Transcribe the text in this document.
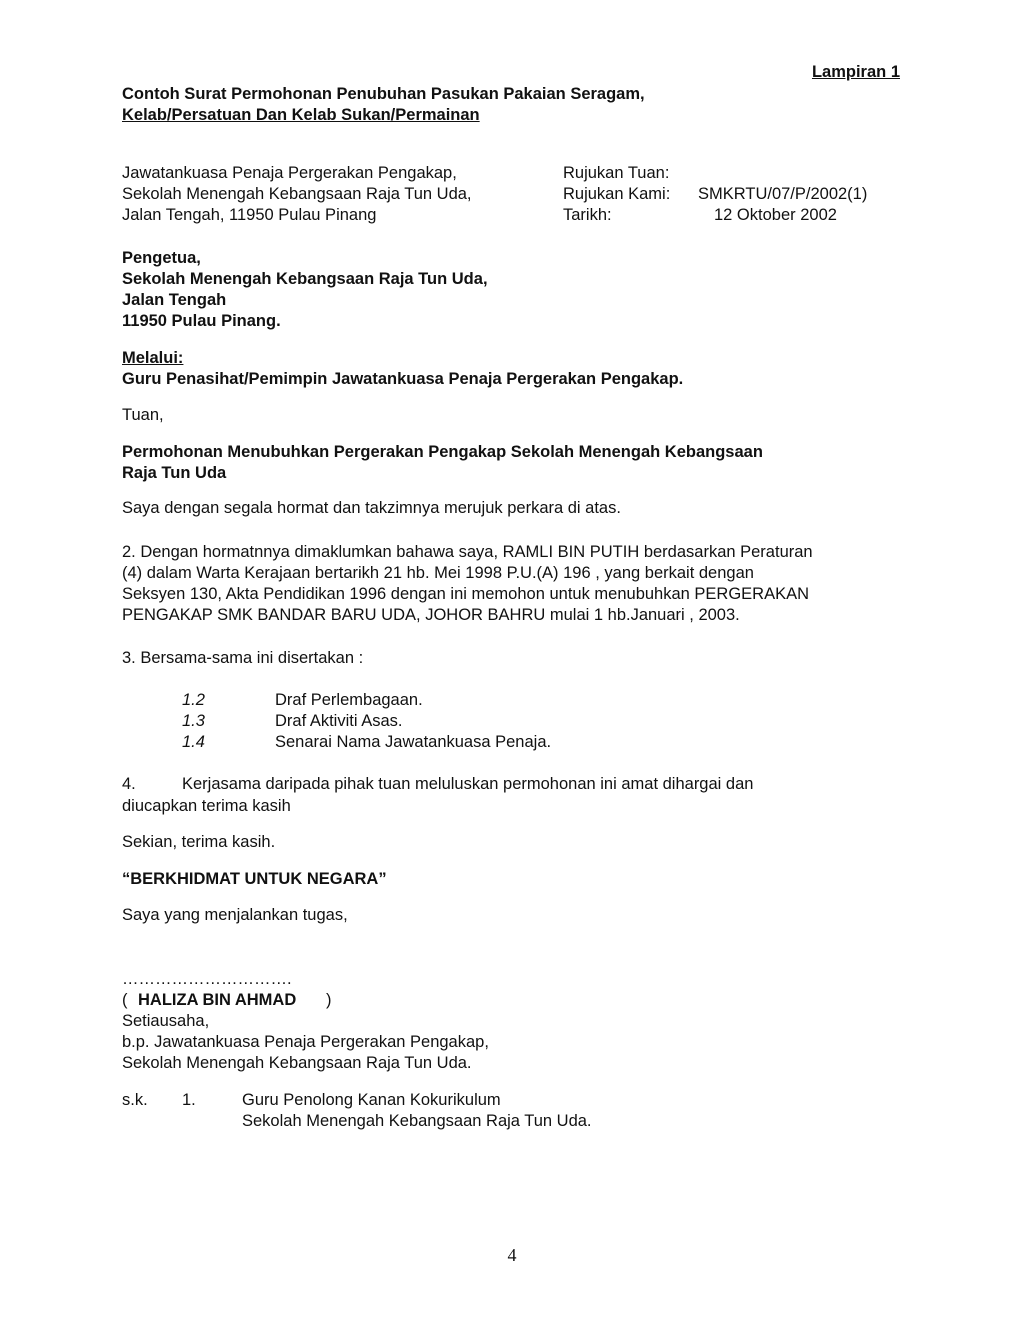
Lampiran 1
Contoh Surat Permohonan Penubuhan Pasukan Pakaian Seragam,
Kelab/Persatuan Dan Kelab Sukan/Permainan
Jawatankuasa Penaja Pergerakan Pengakap,
Sekolah Menengah Kebangsaan Raja Tun Uda,
Jalan Tengah, 11950 Pulau Pinang
Rujukan Tuan:
Rujukan Kami: SMKRTU/07/P/2002(1)
Tarikh:	12 Oktober 2002
Pengetua,
Sekolah Menengah Kebangsaan Raja Tun Uda,
Jalan Tengah
11950 Pulau Pinang.
Melalui:
Guru Penasihat/Pemimpin Jawatankuasa Penaja Pergerakan Pengakap.
Tuan,
Permohonan Menubuhkan Pergerakan Pengakap Sekolah Menengah Kebangsaan
Raja Tun Uda
Saya dengan segala hormat dan takzimnya merujuk perkara di atas.
2. Dengan hormatnnya dimaklumkan bahawa saya, RAMLI BIN PUTIH berdasarkan Peraturan
(4) dalam Warta Kerajaan bertarikh 21 hb. Mei 1998 P.U.(A) 196 , yang berkait dengan
Seksyen 130, Akta Pendidikan 1996 dengan ini memohon untuk menubuhkan PERGERAKAN
PENGAKAP SMK BANDAR BARU UDA, JOHOR BAHRU mulai 1 hb.Januari , 2003.
3. Bersama-sama ini disertakan :
1.2	Draf Perlembagaan.
1.3	Draf Aktiviti Asas.
1.4	Senarai Nama Jawatankuasa Penaja.
4.	Kerjasama daripada pihak tuan meluluskan permohonan ini amat dihargai dan
diucapkan terima kasih
Sekian, terima kasih.
“BERKHIDMAT UNTUK NEGARA”
Saya yang menjalankan tugas,
………………………….
( HALIZA BIN AHMAD )
Setiausaha,
b.p. Jawatankuasa Penaja Pergerakan Pengakap,
Sekolah Menengah Kebangsaan Raja Tun Uda.
s.k. 1.	Guru Penolong Kanan Kokurikulum
Sekolah Menengah Kebangsaan Raja Tun Uda.
4
